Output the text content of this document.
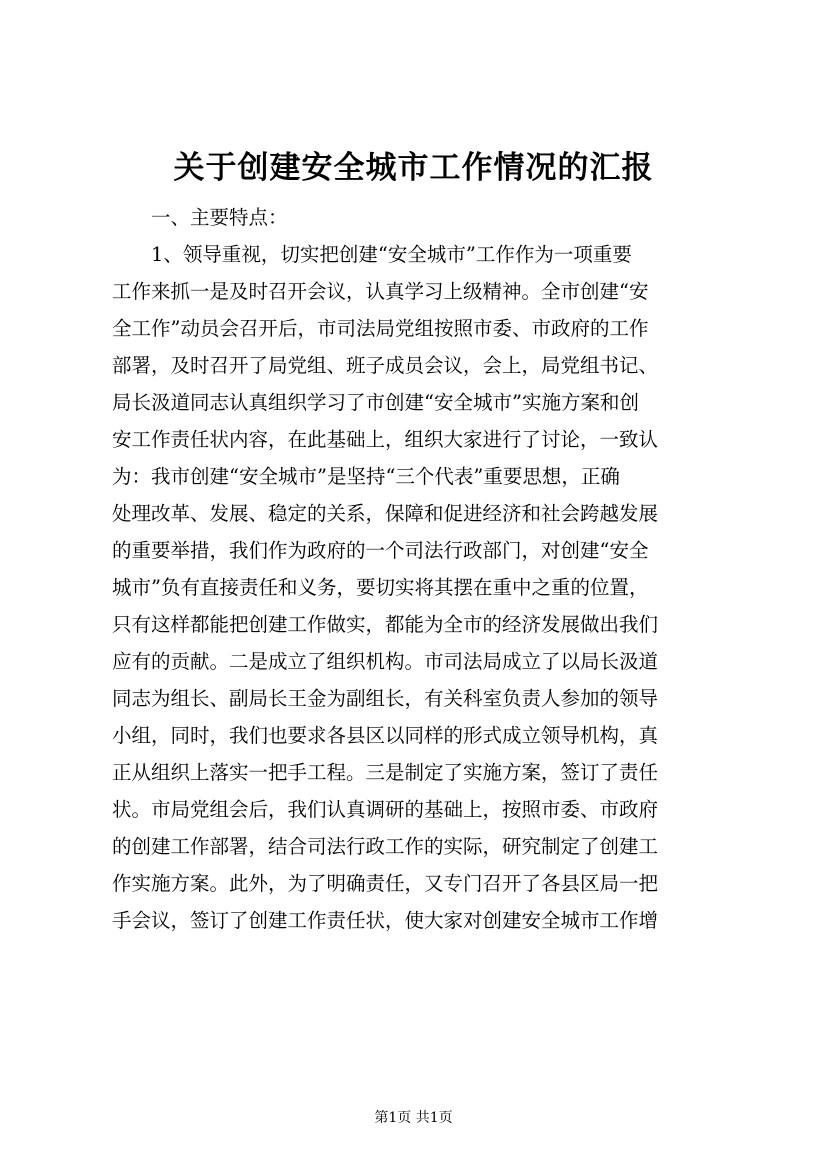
关于创建安全城市工作情况的汇报
　　一、主要特点：
　　1、领导重视，切实把创建“安全城市”工作作为一项重要
工作来抓一是及时召开会议，认真学习上级精神。全市创建“安
全工作”动员会召开后，市司法局党组按照市委、市政府的工作
部署，及时召开了局党组、班子成员会议，会上，局党组书记、
局长汲道同志认真组织学习了市创建“安全城市”实施方案和创
安工作责任状内容，在此基础上，组织大家进行了讨论，一致认
为：我市创建“安全城市”是坚持“三个代表”重要思想，正确
处理改革、发展、稳定的关系，保障和促进经济和社会跨越发展
的重要举措，我们作为政府的一个司法行政部门，对创建“安全
城市”负有直接责任和义务，要切实将其摆在重中之重的位置，
只有这样都能把创建工作做实，都能为全市的经济发展做出我们
应有的贡献。二是成立了组织机构。市司法局成立了以局长汲道
同志为组长、副局长王金为副组长，有关科室负责人参加的领导
小组，同时，我们也要求各县区以同样的形式成立领导机构，真
正从组织上落实一把手工程。三是制定了实施方案，签订了责任
状。市局党组会后，我们认真调研的基础上，按照市委、市政府
的创建工作部署，结合司法行政工作的实际，研究制定了创建工
作实施方案。此外，为了明确责任，又专门召开了各县区局一把
手会议，签订了创建工作责任状，使大家对创建安全城市工作增
第1页 共1页
